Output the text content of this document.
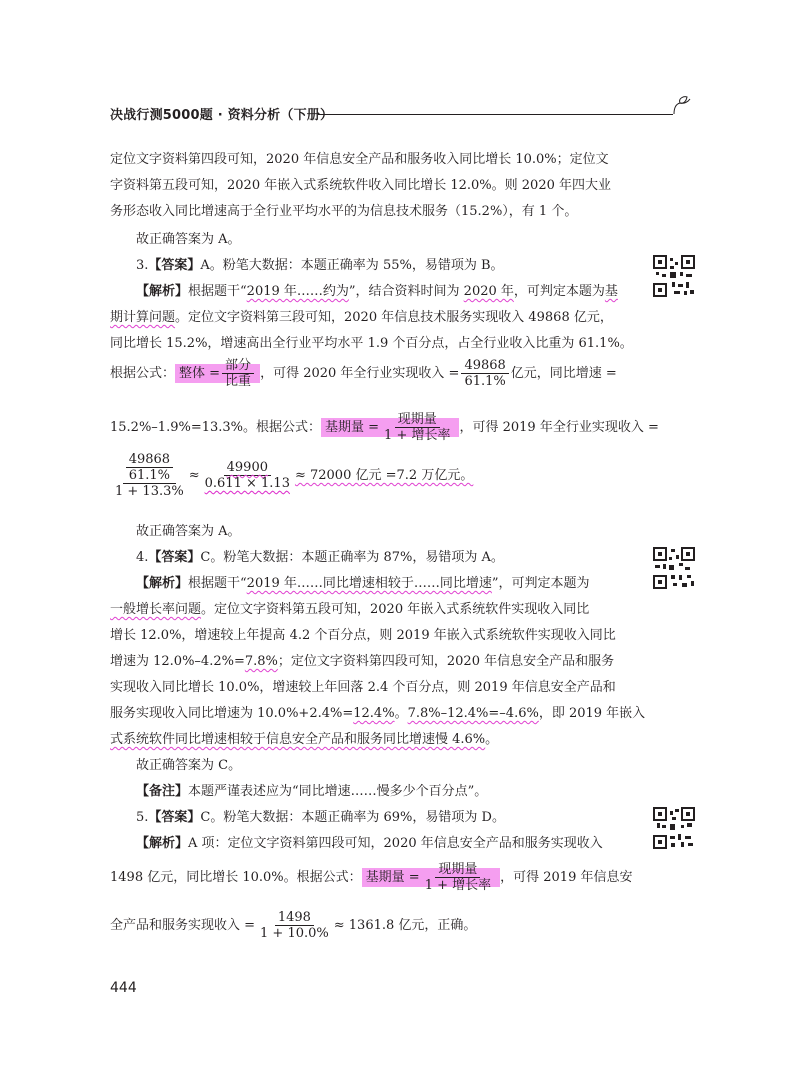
决战行测5000题 · 资料分析（下册）
定位文字资料第四段可知，2020 年信息安全产品和服务收入同比增长 10.0%；定位文
字资料第五段可知，2020 年嵌入式系统软件收入同比增长 12.0%。则 2020 年四大业
务形态收入同比增速高于全行业平均水平的为信息技术服务（15.2%），有 1 个。
故正确答案为 A。
3.【答案】A。粉笔大数据：本题正确率为 55%，易错项为 B。
【解析】根据题干“2019 年……约为”，结合资料时间为 2020 年，可判定本题为基
期计算问题。定位文字资料第三段可知，2020 年信息技术服务实现收入 49868 亿元，
同比增长 15.2%，增速高出全行业平均水平 1.9 个百分点，占全行业收入比重为 61.1%。
根据公式： 整体 = $\frac{\text{部分}}{\text{比重}}$ ，可得 2020 年全行业实现收入 = $\frac{49868}{61.1\%}$ 亿元，同比增速 =
15.2%–1.9%=13.3%。根据公式： 基期量 = $\frac{\text{现期量}}{\text{1 + 增长率}}$ ，可得 2019 年全行业实现收入 =
$\frac{\frac{49868}{61.1\%}}{1 + 13.3\%} \approx \frac{49900}{0.611 \times 1.13} \approx 72000$ 亿元 =7.2 万亿元。
故正确答案为 A。
4.【答案】C。粉笔大数据：本题正确率为 87%，易错项为 A。
【解析】根据题干“2019 年……同比增速相较于……同比增速”，可判定本题为
一般增长率问题。定位文字资料第五段可知，2020 年嵌入式系统软件实现收入同比
增长 12.0%，增速较上年提高 4.2 个百分点，则 2019 年嵌入式系统软件实现收入同比
增速为 12.0%–4.2%=7.8%；定位文字资料第四段可知，2020 年信息安全产品和服务
实现收入同比增长 10.0%，增速较上年回落 2.4 个百分点，则 2019 年信息安全产品和
服务实现收入同比增速为 10.0%+2.4%=12.4%。7.8%–12.4%=–4.6%，即 2019 年嵌入
式系统软件同比增速相较于信息安全产品和服务同比增速慢 4.6%。
故正确答案为 C。
【备注】本题严谨表述应为“同比增速……慢多少个百分点”。
5.【答案】C。粉笔大数据：本题正确率为 69%，易错项为 D。
【解析】A 项：定位文字资料第四段可知，2020 年信息安全产品和服务实现收入
1498 亿元，同比增长 10.0%。根据公式： 基期量 = $\frac{\text{现期量}}{\text{1 + 增长率}}$ ，可得 2019 年信息安
全产品和服务实现收入 = $\frac{1498}{1 + 10.0\%} \approx 1361.8$ 亿元，正确。
444
